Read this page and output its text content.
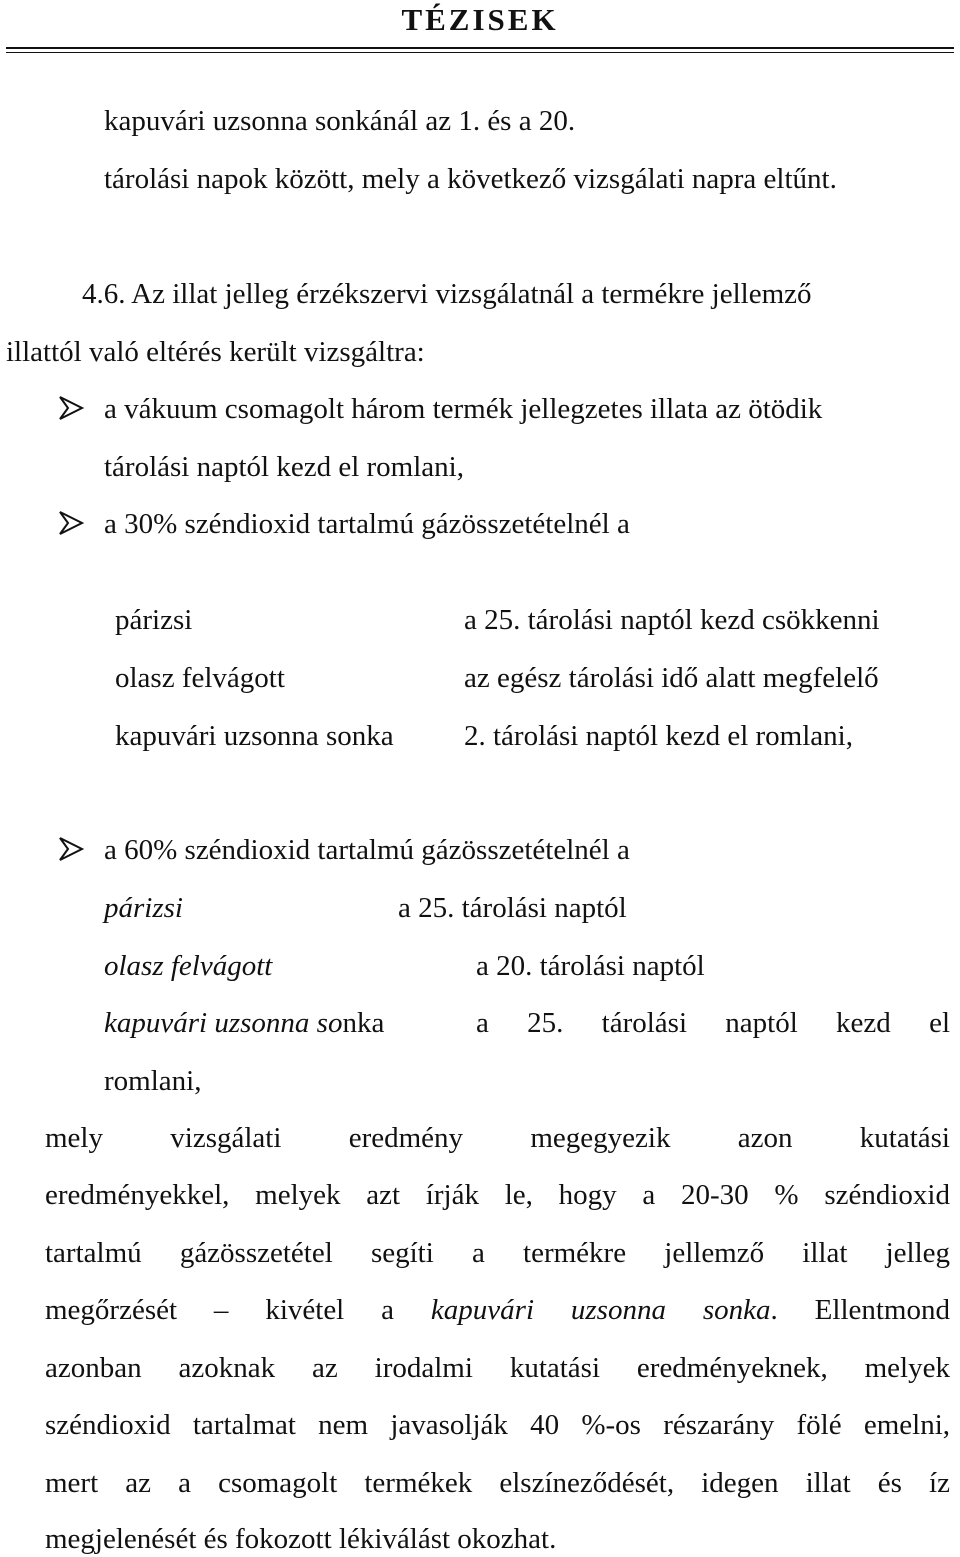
TÉZISEK
kapuvári uzsonna sonkánál az 1. és a 20.
tárolási napok között, mely a következő vizsgálati napra eltűnt.
4.6. Az illat jelleg érzékszervi vizsgálatnál a termékre jellemző
illattól való eltérés került vizsgáltra:
a vákuum csomagolt három termék jellegzetes illata az ötödik
tárolási naptól kezd el romlani,
a 30% széndioxid tartalmú gázösszetételnél a
párizsi	a 25. tárolási naptól kezd csökkenni
olasz felvágott	az egész tárolási idő alatt megfelelő
kapuvári uzsonna sonka 2. tárolási naptól kezd el romlani,
a 60% széndioxid tartalmú gázösszetételnél a
párizsi	a 25. tárolási naptól
olasz felvágott	a 20. tárolási naptól
kapuvári uzsonna sonka	a 25. tárolási naptól kezd el
romlani,
mely vizsgálati eredmény megegyezik azon kutatási
eredményekkel, melyek azt írják le, hogy a 20-30 % széndioxid
tartalmú gázösszetétel segíti a termékre jellemző illat jelleg
megőrzését – kivétel a kapuvári uzsonna sonka. Ellentmond
azonban azoknak az irodalmi kutatási eredményeknek, melyek
széndioxid tartalmat nem javasolják 40 %-os részarány fölé emelni,
mert az a csomagolt termékek elszíneződését, idegen illat és íz
megjelenését és fokozott lékiválást okozhat.
